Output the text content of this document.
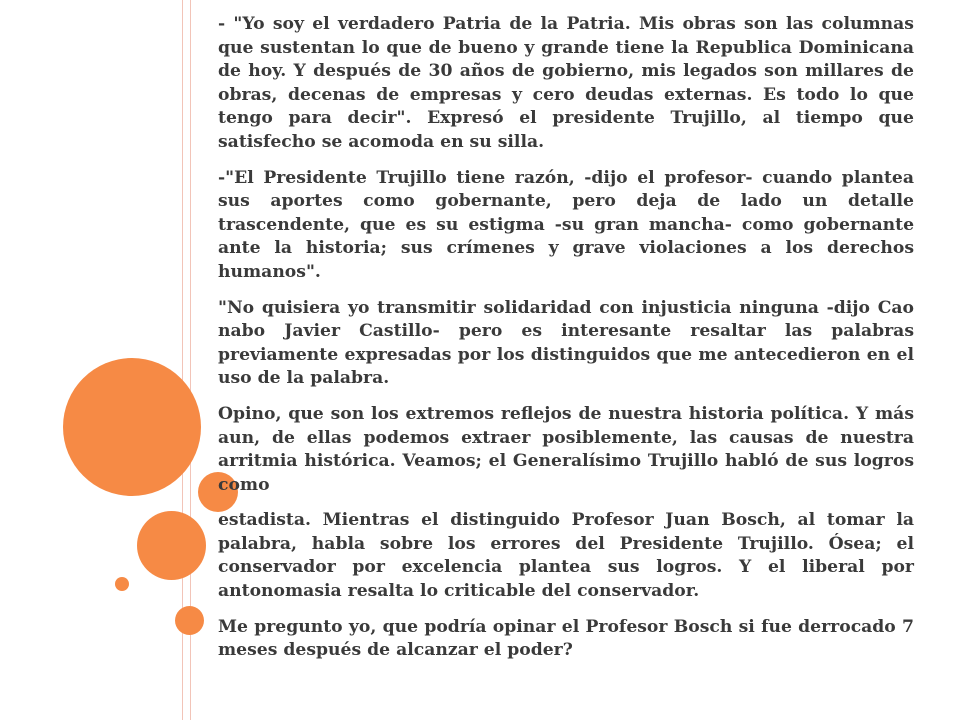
- "Yo soy el verdadero Patria de la Patria. Mis obras son las columnas que sustentan lo que de bueno y grande tiene la Republica Dominicana de hoy. Y después de 30 años de gobierno, mis legados son millares de obras, decenas de empresas y cero deudas externas. Es todo lo que tengo para decir". Expresó el presidente Trujillo, al tiempo que satisfecho se acomoda en su silla.

-"El Presidente Trujillo tiene razón, -dijo el profesor- cuando plantea sus aportes como gobernante, pero deja de lado un detalle trascendente, que es su estigma -su gran mancha- como gobernante ante la historia; sus crímenes y grave violaciones a los derechos humanos".

"No quisiera yo transmitir solidaridad con injusticia ninguna -dijo Cao nabo Javier Castillo- pero es interesante resaltar las palabras previamente expresadas por los distinguidos que me antecedieron en el uso de la palabra.

Opino, que son los extremos reflejos de nuestra historia política. Y más aun, de ellas podemos extraer posiblemente, las causas de nuestra arritmia histórica. Veamos; el Generalísimo Trujillo habló de sus logros como

estadista. Mientras el distinguido Profesor Juan Bosch, al tomar la palabra, habla sobre los errores del Presidente Trujillo. Ósea; el conservador por excelencia plantea sus logros. Y el liberal por antonomasia resalta lo criticable del conservador.

Me pregunto yo, que podría opinar el Profesor Bosch si fue derrocado 7 meses después de alcanzar el poder?
